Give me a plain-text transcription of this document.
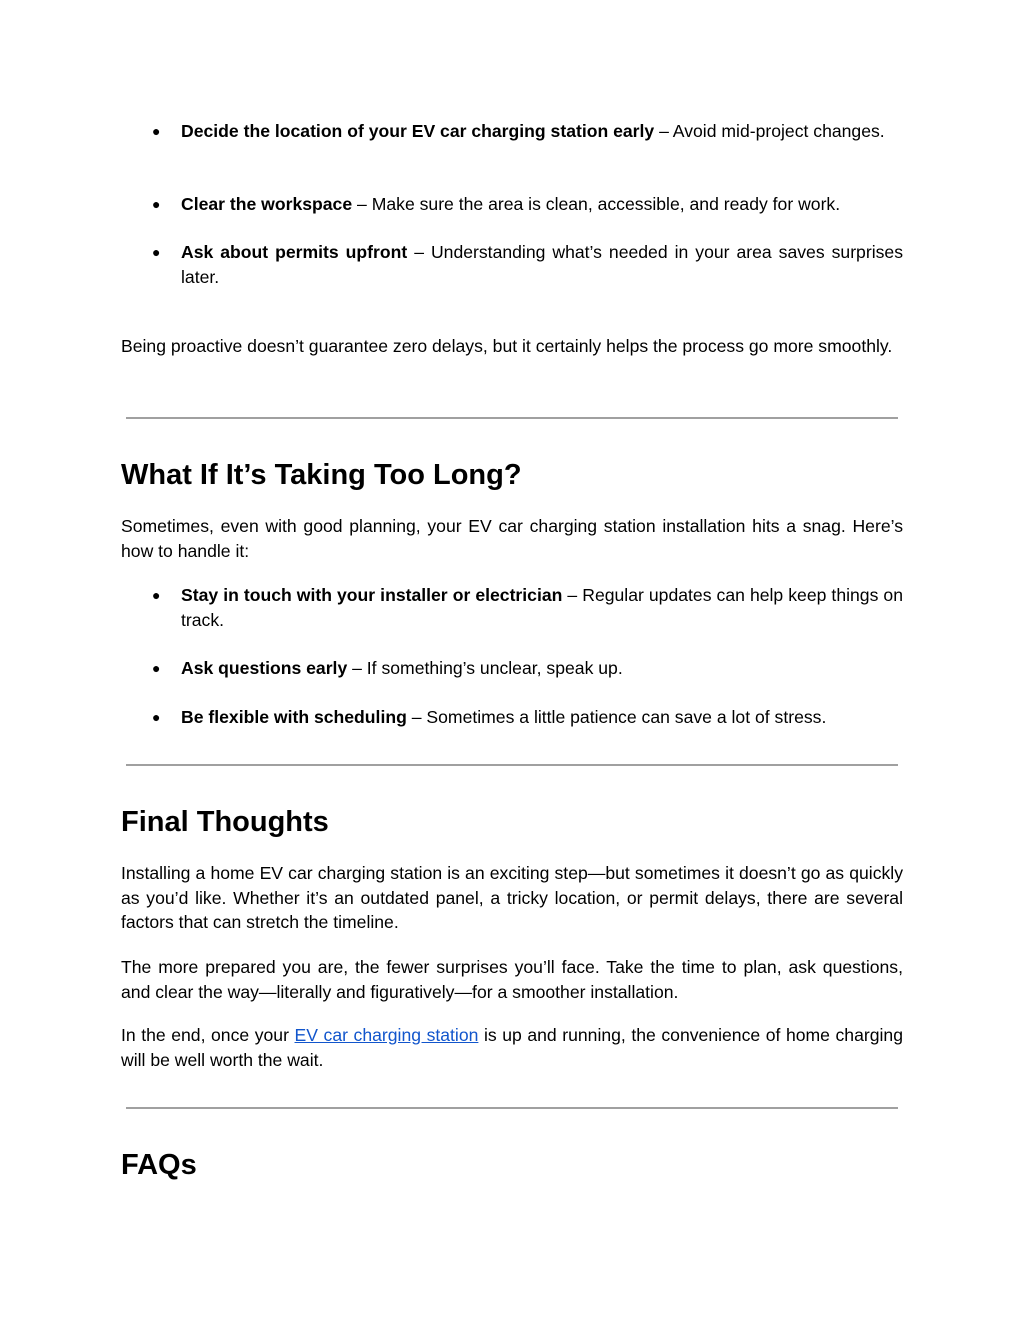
● Decide the location of your EV car charging station early – Avoid mid-project changes.
● Clear the workspace – Make sure the area is clean, accessible, and ready for work.
● Ask about permits upfront – Understanding what’s needed in your area saves surprises later.

Being proactive doesn’t guarantee zero delays, but it certainly helps the process go more smoothly.

What If It’s Taking Too Long?

Sometimes, even with good planning, your EV car charging station installation hits a snag. Here’s how to handle it:

● Stay in touch with your installer or electrician – Regular updates can help keep things on track.
● Ask questions early – If something’s unclear, speak up.
● Be flexible with scheduling – Sometimes a little patience can save a lot of stress.
Final Thoughts

Installing a home EV car charging station is an exciting step—but sometimes it doesn’t go as quickly as you’d like. Whether it’s an outdated panel, a tricky location, or permit delays, there are several factors that can stretch the timeline.

The more prepared you are, the fewer surprises you’ll face. Take the time to plan, ask questions, and clear the way—literally and figuratively—for a smoother installation.

In the end, once your EV car charging station is up and running, the convenience of home charging will be well worth the wait.

FAQs
